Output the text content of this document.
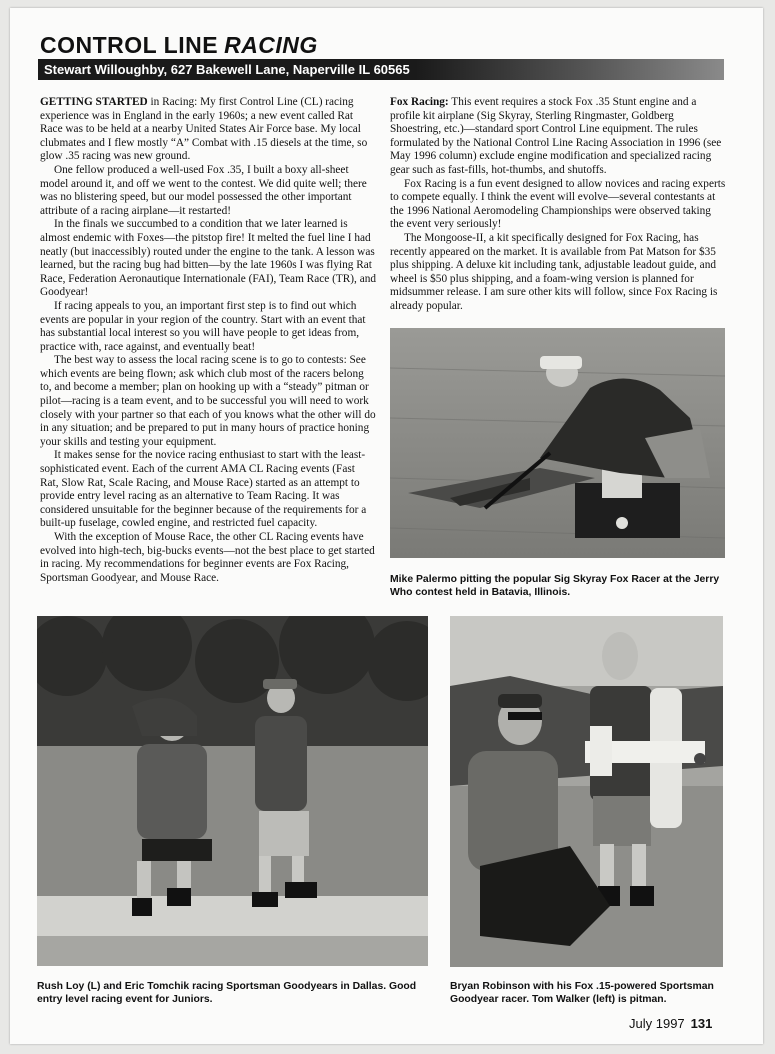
CONTROL LINE RACING
Stewart Willoughby, 627 Bakewell Lane, Naperville IL 60565

GETTING STARTED in Racing: My first Control Line (CL) racing experience was in England in the early 1960s; a new event called Rat Race was to be held at a nearby United States Air Force base. My local clubmates and I flew mostly “A” Combat with .15 diesels at the time, so glow .35 racing was new ground.

One fellow produced a well-used Fox .35, I built a boxy all-sheet model around it, and off we went to the contest. We did quite well; there was no blistering speed, but our model possessed the other important attribute of a racing airplane—it restarted!

In the finals we succumbed to a condition that we later learned is almost endemic with Foxes—the pitstop fire! It melted the fuel line I had neatly (but inaccessibly) routed under the engine to the tank. A lesson was learned, but the racing bug had bitten—by the late 1960s I was flying Rat Race, Federation Aeronautique Internationale (FAI), Team Race (TR), and Goodyear!

If racing appeals to you, an important first step is to find out which events are popular in your region of the country. Start with an event that has substantial local interest so you will have people to get ideas from, practice with, race against, and eventually beat!

The best way to assess the local racing scene is to go to contests: See which events are being flown; ask which club most of the racers belong to, and become a member; plan on hooking up with a “steady” pitman or pilot—racing is a team event, and to be successful you will need to work closely with your partner so that each of you knows what the other will do in any situation; and be prepared to put in many hours of practice honing your skills and testing your equipment.

It makes sense for the novice racing enthusiast to start with the least-sophisticated event. Each of the current AMA CL Racing events (Fast Rat, Slow Rat, Scale Racing, and Mouse Race) started as an attempt to provide entry level racing as an alternative to Team Racing. It was considered unsuitable for the beginner because of the requirements for a built-up fuselage, cowled engine, and restricted fuel capacity.

With the exception of Mouse Race, the other CL Racing events have evolved into high-tech, big-bucks events—not the best place to get started in racing. My recommendations for beginner events are Fox Racing, Sportsman Goodyear, and Mouse Race.

Fox Racing: This event requires a stock Fox .35 Stunt engine and a profile kit airplane (Sig Skyray, Sterling Ringmaster, Goldberg Shoestring, etc.)—standard sport Control Line equipment. The rules formulated by the National Control Line Racing Association in 1996 (see May 1996 column) exclude engine modification and specialized racing gear such as fast-fills, hot-thumbs, and shutoffs.

Fox Racing is a fun event designed to allow novices and racing experts to compete equally. I think the event will evolve—several contestants at the 1996 National Aeromodeling Championships were observed taking the event very seriously!

The Mongoose-II, a kit specifically designed for Fox Racing, has recently appeared on the market. It is available from Pat Matson for $35 plus shipping. A deluxe kit including tank, adjustable leadout guide, and wheel is $50 plus shipping, and a foam-wing version is planned for midsummer release. I am sure other kits will follow, since Fox Racing is already popular.

Mike Palermo pitting the popular Sig Skyray Fox Racer at the Jerry Who contest held in Batavia, Illinois.
Rush Loy (L) and Eric Tomchik racing Sportsman Goodyears in Dallas. Good entry level racing event for Juniors.
Bryan Robinson with his Fox .15-powered Sportsman Goodyear racer. Tom Walker (left) is pitman.
July 1997 131
